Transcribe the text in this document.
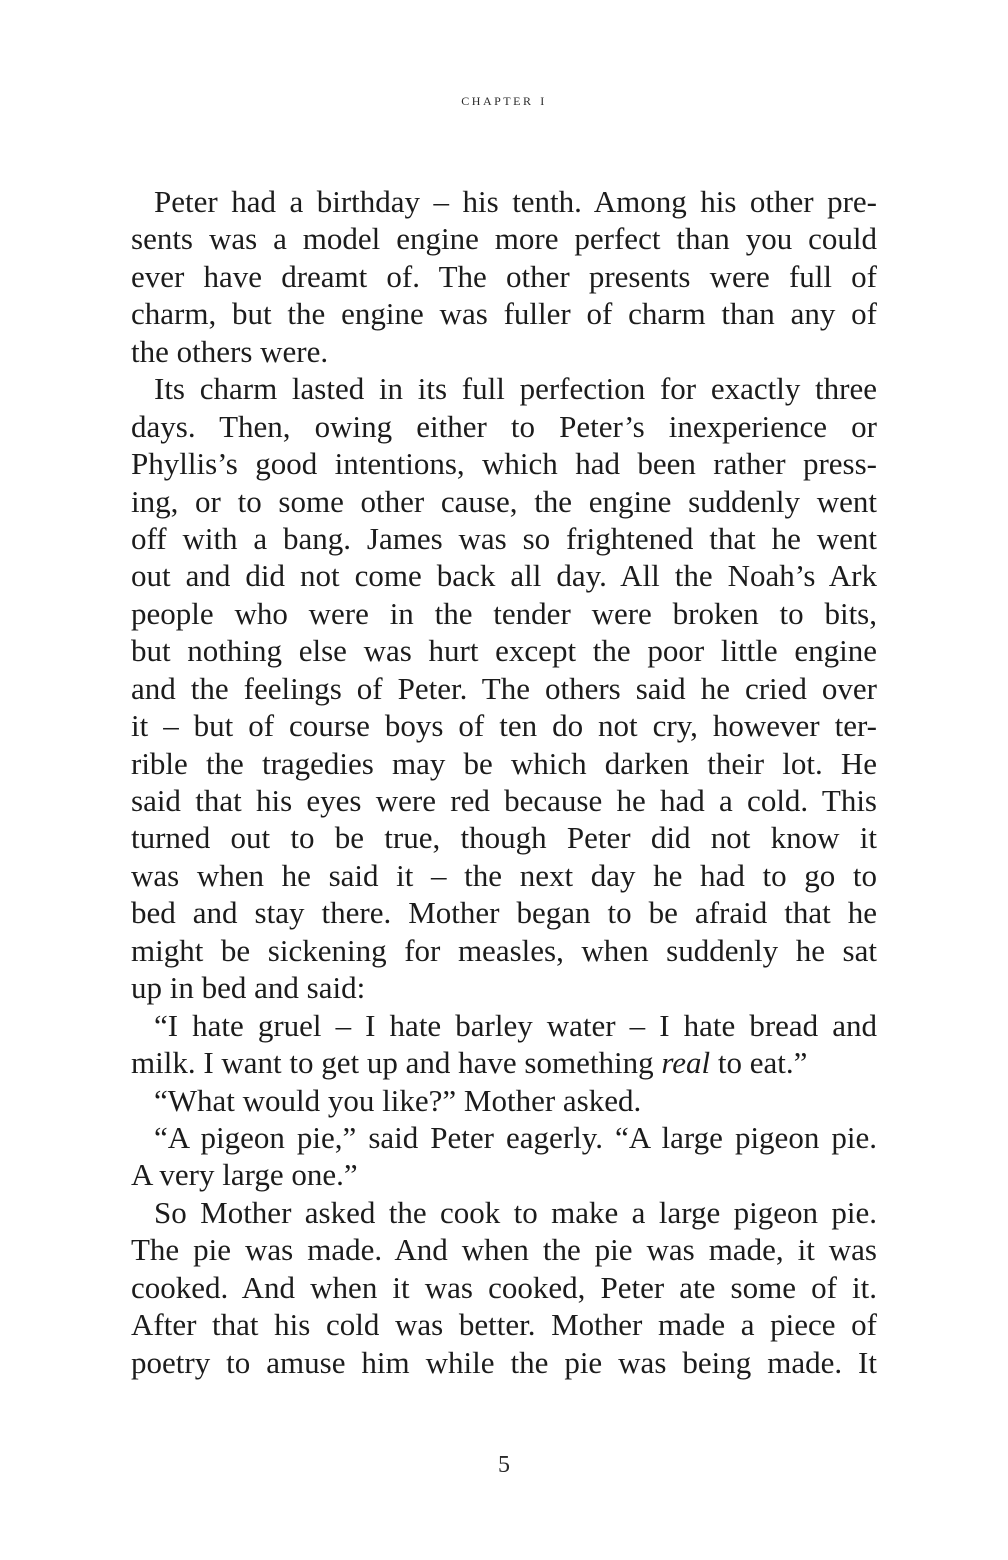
chapter i
Peter had a birthday – his tenth. Among his other pre-
sents was a model engine more perfect than you could
ever have dreamt of. The other presents were full of
charm, but the engine was fuller of charm than any of
the others were.
Its charm lasted in its full perfection for exactly three
days. Then, owing either to Peter’s inexperience or
Phyllis’s good intentions, which had been rather press-
ing, or to some other cause, the engine suddenly went
off with a bang. James was so frightened that he went
out and did not come back all day. All the Noah’s Ark
people who were in the tender were broken to bits,
but nothing else was hurt except the poor little engine
and the feelings of Peter. The others said he cried over
it – but of course boys of ten do not cry, however ter-
rible the tragedies may be which darken their lot. He
said that his eyes were red because he had a cold. This
turned out to be true, though Peter did not know it
was when he said it – the next day he had to go to
bed and stay there. Mother began to be afraid that he
might be sickening for measles, when suddenly he sat
up in bed and said:
“I hate gruel – I hate barley water – I hate bread and
milk. I want to get up and have something real to eat.”
“What would you like?” Mother asked.
“A pigeon pie,” said Peter eagerly. “A large pigeon pie.
A very large one.”
So Mother asked the cook to make a large pigeon pie.
The pie was made. And when the pie was made, it was
cooked. And when it was cooked, Peter ate some of it.
After that his cold was better. Mother made a piece of
poetry to amuse him while the pie was being made. It
5
